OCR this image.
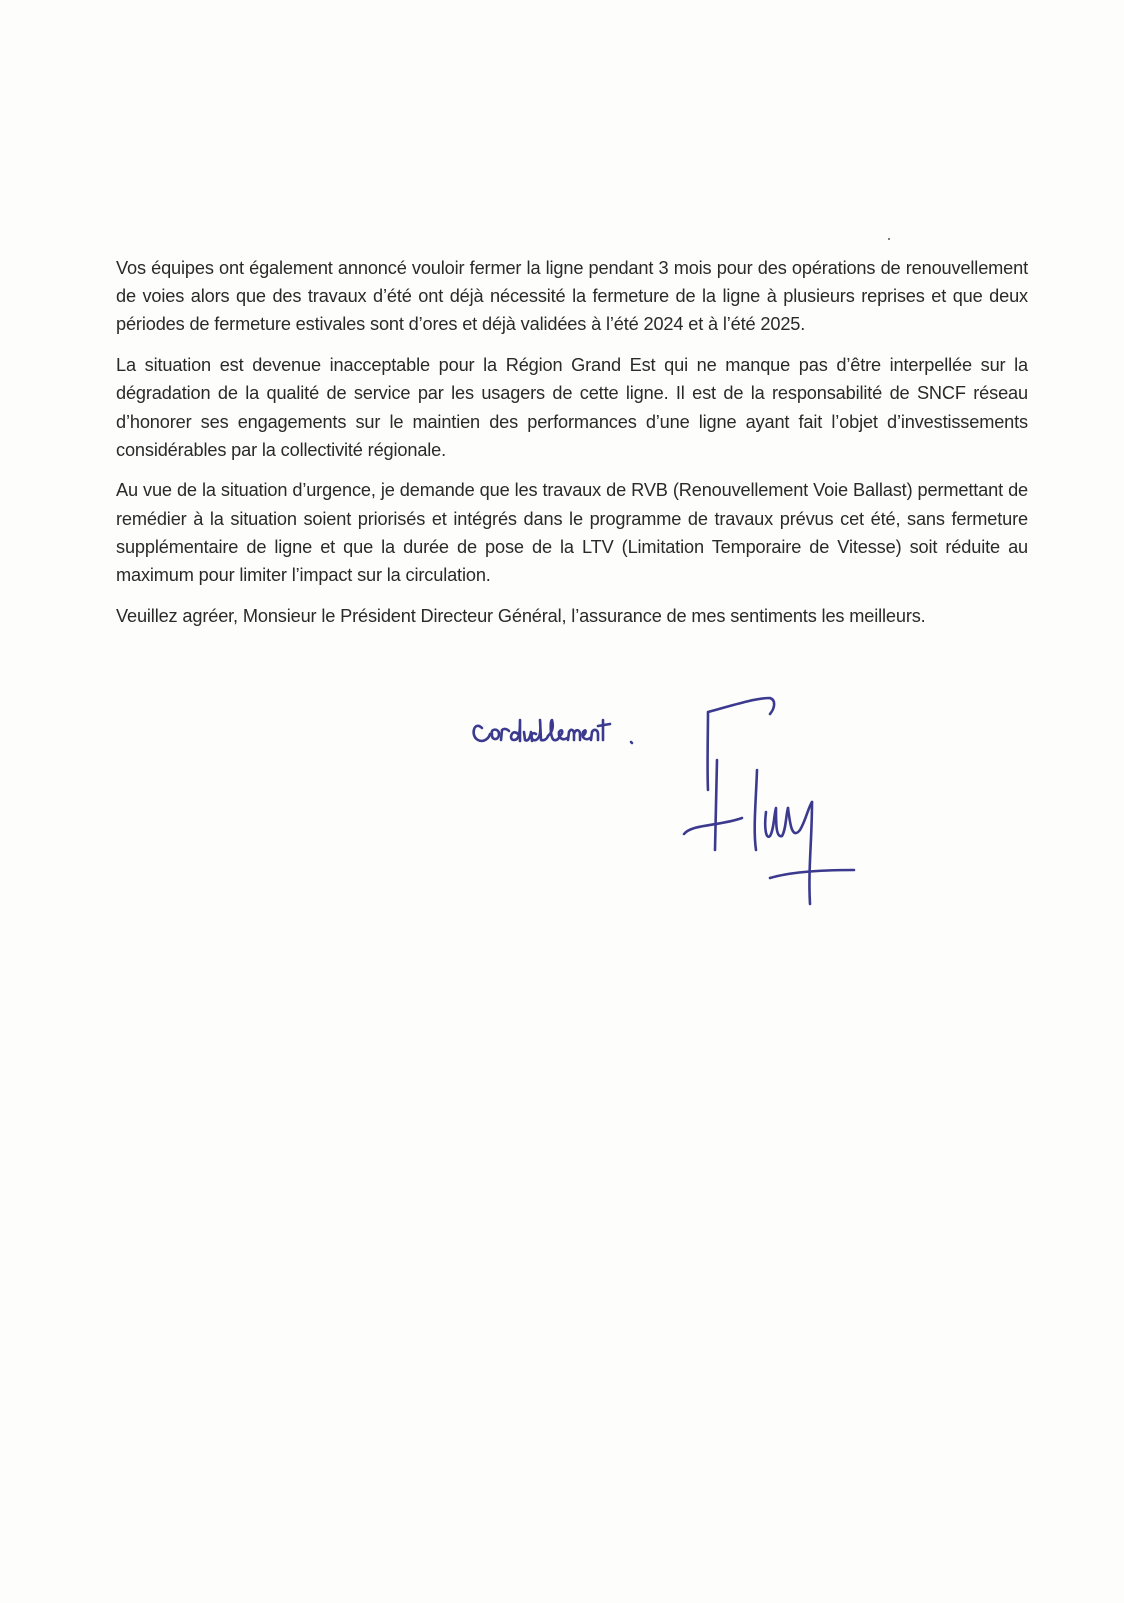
Vos équipes ont également annoncé vouloir fermer la ligne pendant 3 mois pour des opérations de renouvellement de voies alors que des travaux d’été ont déjà nécessité la fermeture de la ligne à plusieurs reprises et que deux périodes de fermeture estivales sont d’ores et déjà validées à l’été 2024 et à l’été 2025.

La situation est devenue inacceptable pour la Région Grand Est qui ne manque pas d’être interpellée sur la dégradation de la qualité de service par les usagers de cette ligne. Il est de la responsabilité de SNCF réseau d’honorer ses engagements sur le maintien des performances d’une ligne ayant fait l’objet d’investissements considérables par la collectivité régionale.

Au vue de la situation d’urgence, je demande que les travaux de RVB (Renouvellement Voie Ballast) permettant de remédier à la situation soient priorisés et intégrés dans le programme de travaux prévus cet été, sans fermeture supplémentaire de ligne et que la durée de pose de la LTV (Limitation Temporaire de Vitesse) soit réduite au maximum pour limiter l’impact sur la circulation.

Veuillez agréer, Monsieur le Président Directeur Général, l’assurance de mes sentiments les meilleurs.
